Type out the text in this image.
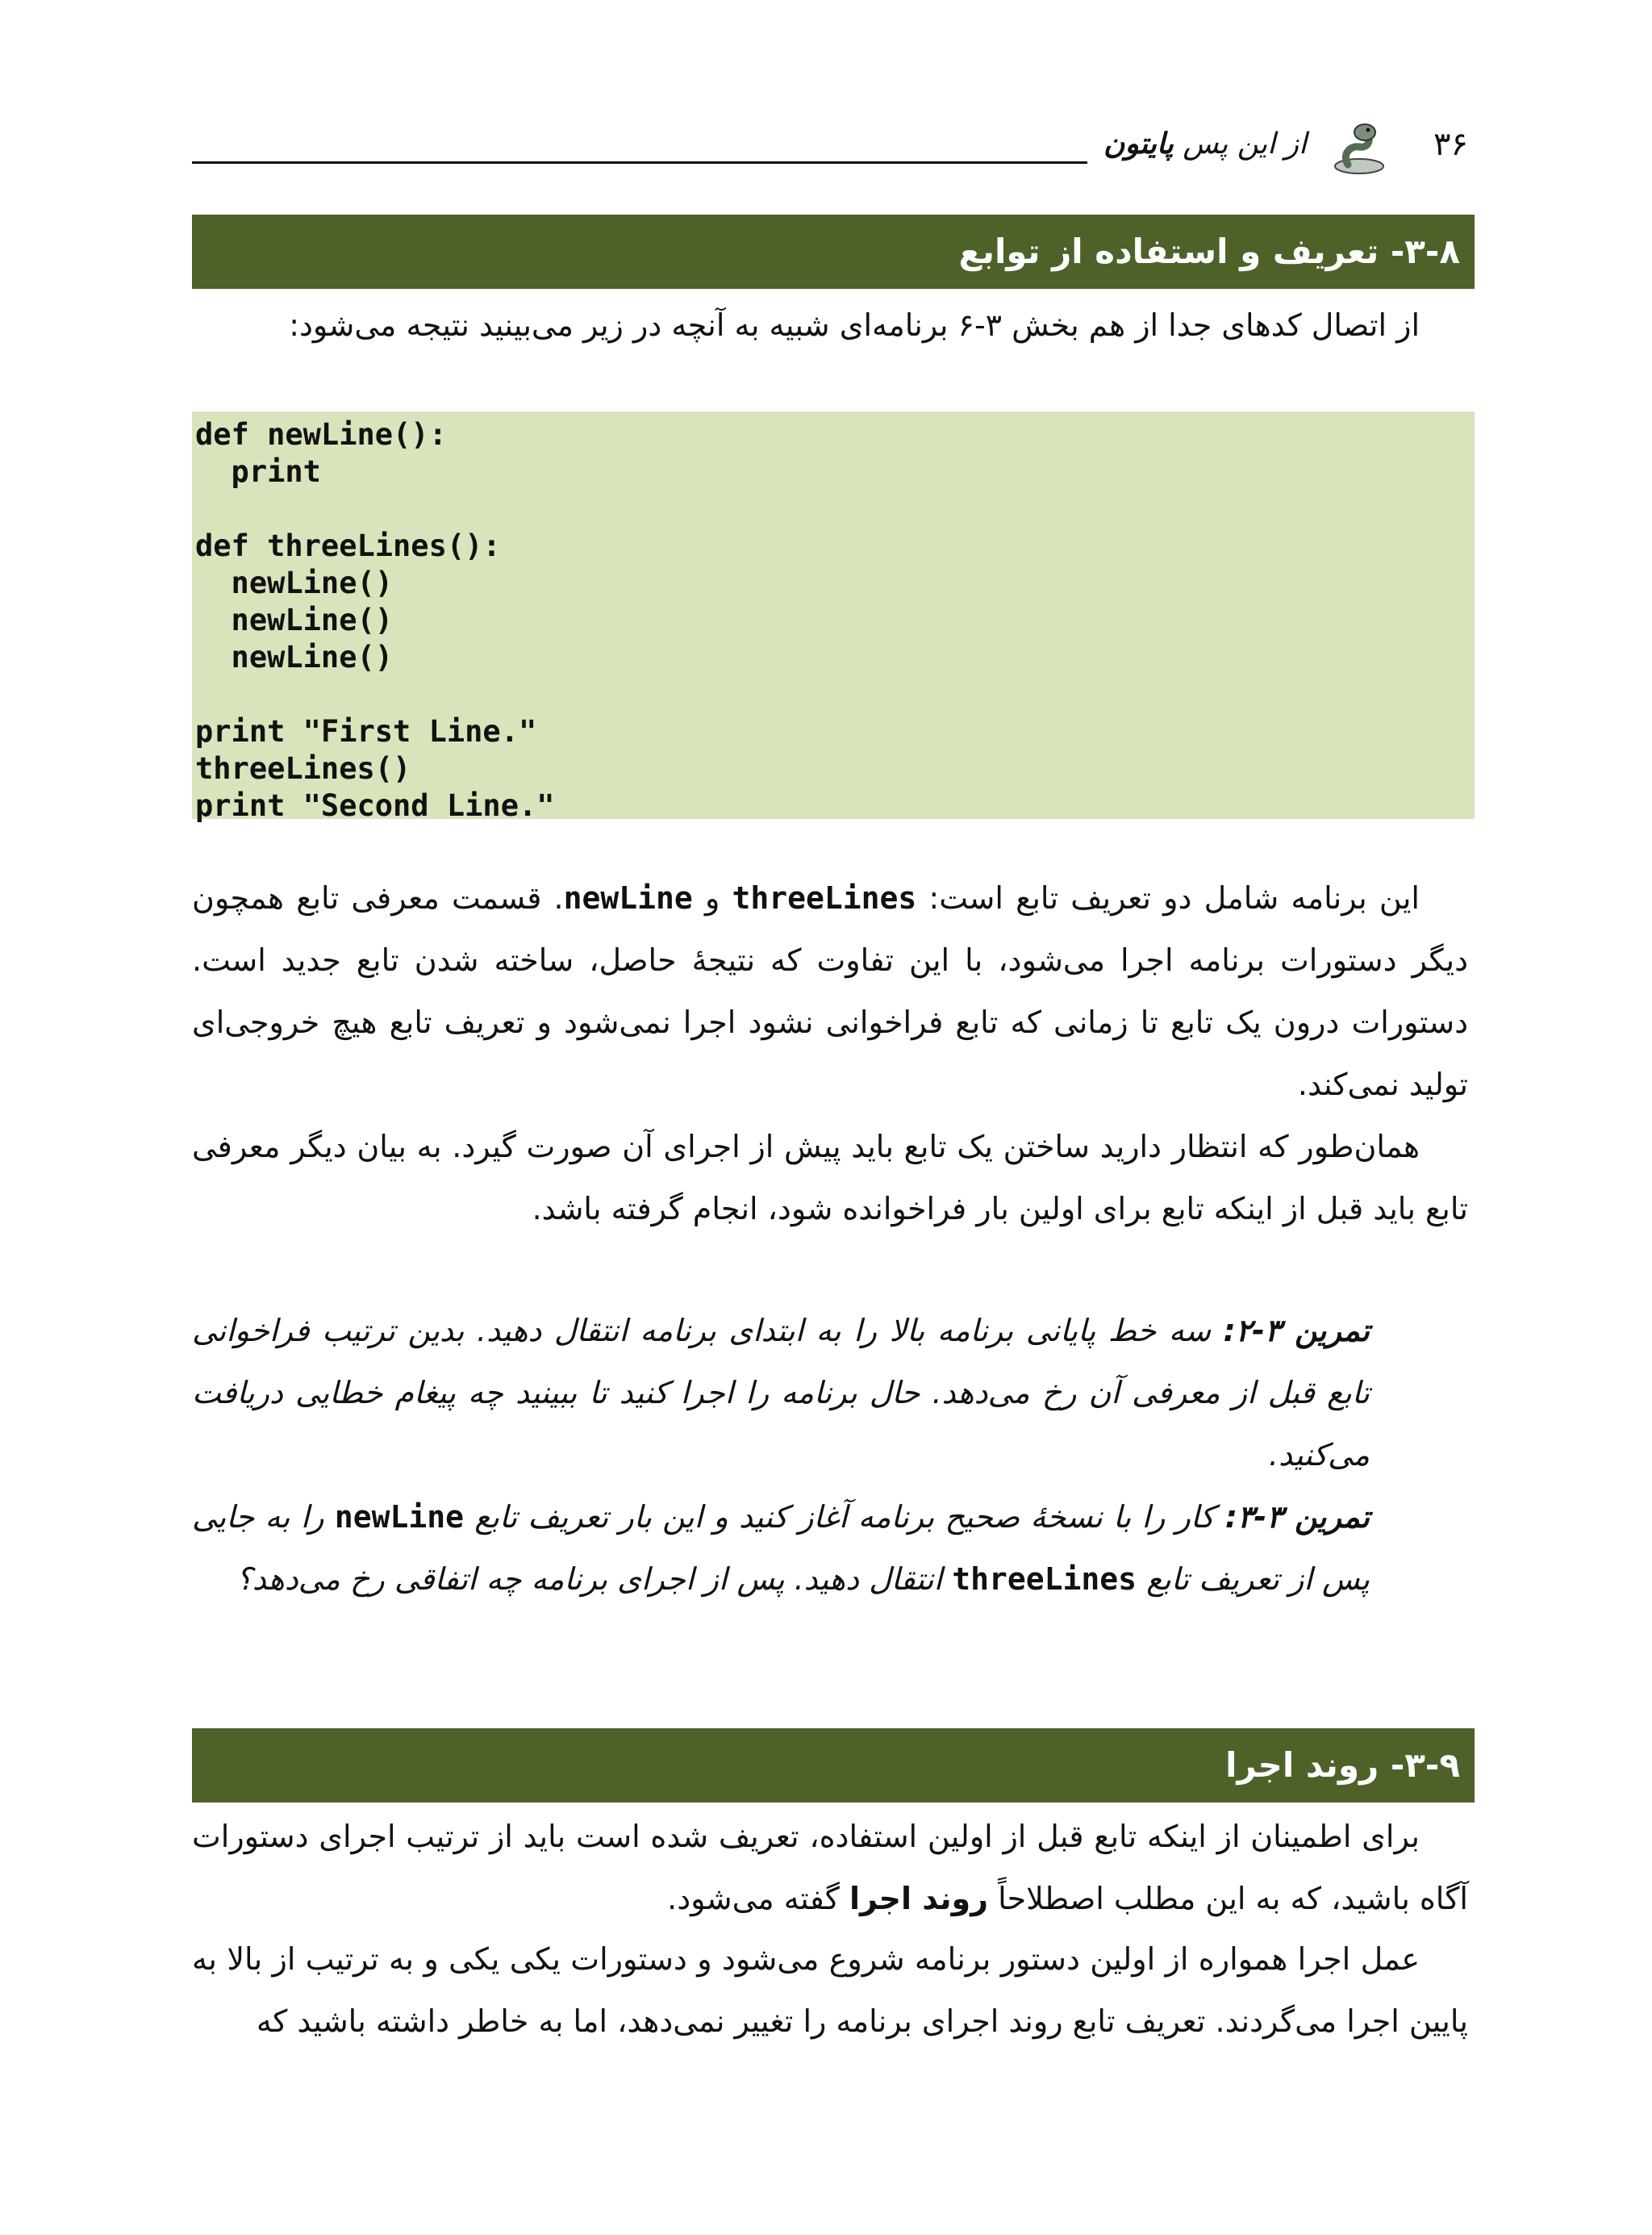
از این پس پایتون	۳۶
۳-۸- تعریف و استفاده از توابع

از اتصال کدهای جدا از هم بخش ۳-۶ برنامه‌ای شبیه به آنچه در زیر می‌بینید نتیجه می‌شود:

def newLine():
print

def threeLines():
newLine()
newLine()
newLine()

print "First Line."
threeLines()
print "Second Line."

این برنامه شامل دو تعریف تابع است: threeLines و newLine. قسمت معرفی تابع همچون دیگر دستورات برنامه اجرا می‌شود، با این تفاوت که نتیجهٔ حاصل، ساخته شدن تابع جدید است. دستورات درون یک تابع تا زمانی که تابع فراخوانی نشود اجرا نمی‌شود و تعریف تابع هیچ خروجی‌ای تولید نمی‌کند.

همان‌طور که انتظار دارید ساختن یک تابع باید پیش از اجرای آن صورت گیرد. به بیان دیگر معرفی تابع باید قبل از اینکه تابع برای اولین بار فراخوانده شود، انجام گرفته باشد.

تمرین ۳-۲: سه خط پایانی برنامه بالا را به ابتدای برنامه انتقال دهید. بدین ترتیب فراخوانی تابع قبل از معرفی آن رخ می‌دهد. حال برنامه را اجرا کنید تا ببینید چه پیغام خطایی دریافت می‌کنید.

تمرین ۳-۳: کار را با نسخهٔ صحیح برنامه آغاز کنید و این بار تعریف تابع newLine را به جایی پس از تعریف تابع threeLines انتقال دهید. پس از اجرای برنامه چه اتفاقی رخ می‌دهد؟

۳-۹- روند اجرا

برای اطمینان از اینکه تابع قبل از اولین استفاده، تعریف شده است باید از ترتیب اجرای دستورات آگاه باشید، که به این مطلب اصطلاحاً روند اجرا گفته می‌شود.

عمل اجرا همواره از اولین دستور برنامه شروع می‌شود و دستورات یکی یکی و به ترتیب از بالا به پایین اجرا می‌گردند. تعریف تابع روند اجرای برنامه را تغییر نمی‌دهد، اما به خاطر داشته باشید که
